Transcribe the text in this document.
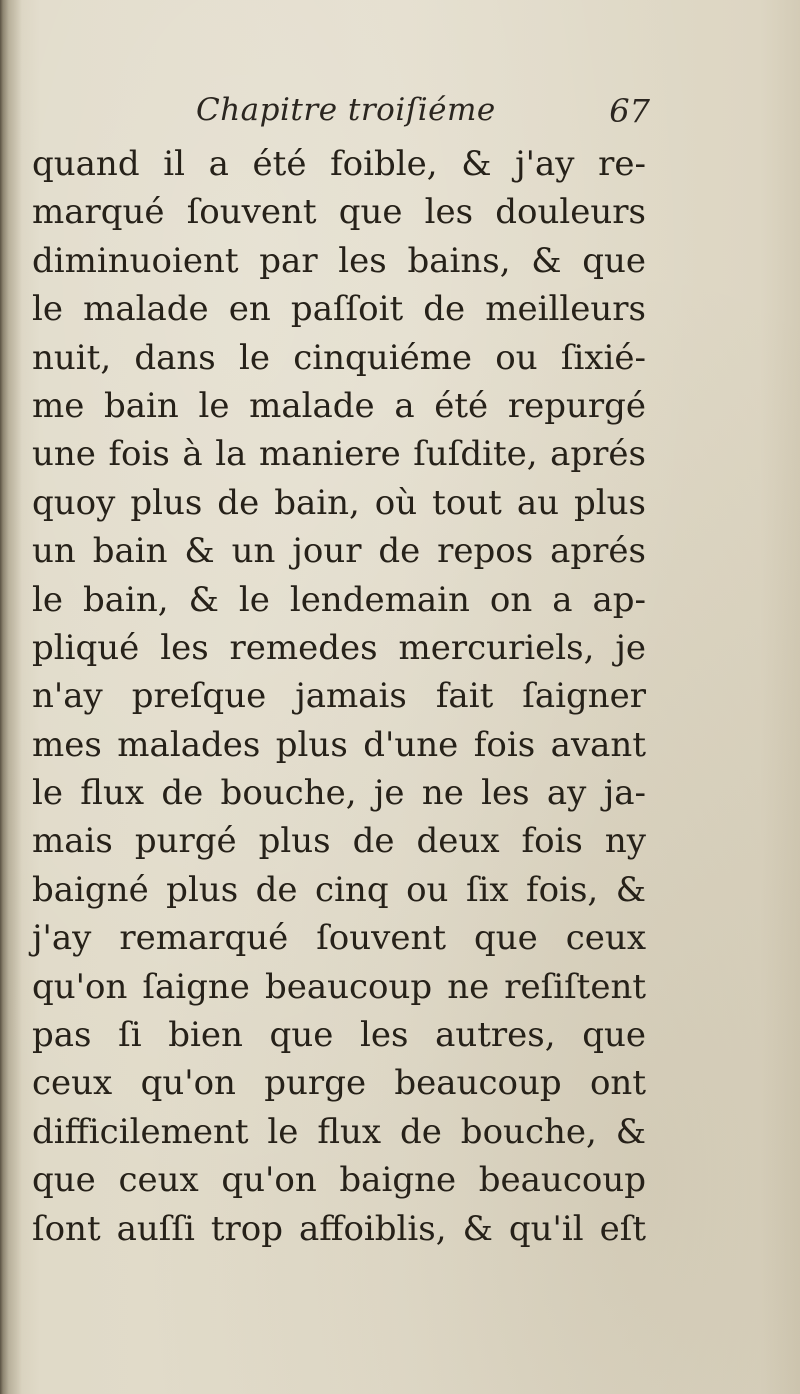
Chapitre troiſiéme	67
quand il a été foible, & j'ay re-
marqué ſouvent que les douleurs
diminuoient par les bains, & que
le malade en paſſoit de meilleurs
nuit, dans le cinquiéme ou ſixié-
me bain le malade a été repurgé
une fois à la maniere ſuſdite, aprés
quoy plus de bain, où tout au plus
un bain & un jour de repos aprés
le bain, & le lendemain on a ap-
pliqué les remedes mercuriels, je
n'ay preſque jamais fait ſaigner
mes malades plus d'une fois avant
le flux de bouche, je ne les ay ja-
mais purgé plus de deux fois ny
baigné plus de cinq ou ſix fois, &
j'ay remarqué ſouvent que ceux
qu'on ſaigne beaucoup ne reſiſtent
pas ſi bien que les autres, que
ceux qu'on purge beaucoup ont
difficilement le flux de bouche, &
que ceux qu'on baigne beaucoup
ſont auſſi trop affoiblis, & qu'il eſt
